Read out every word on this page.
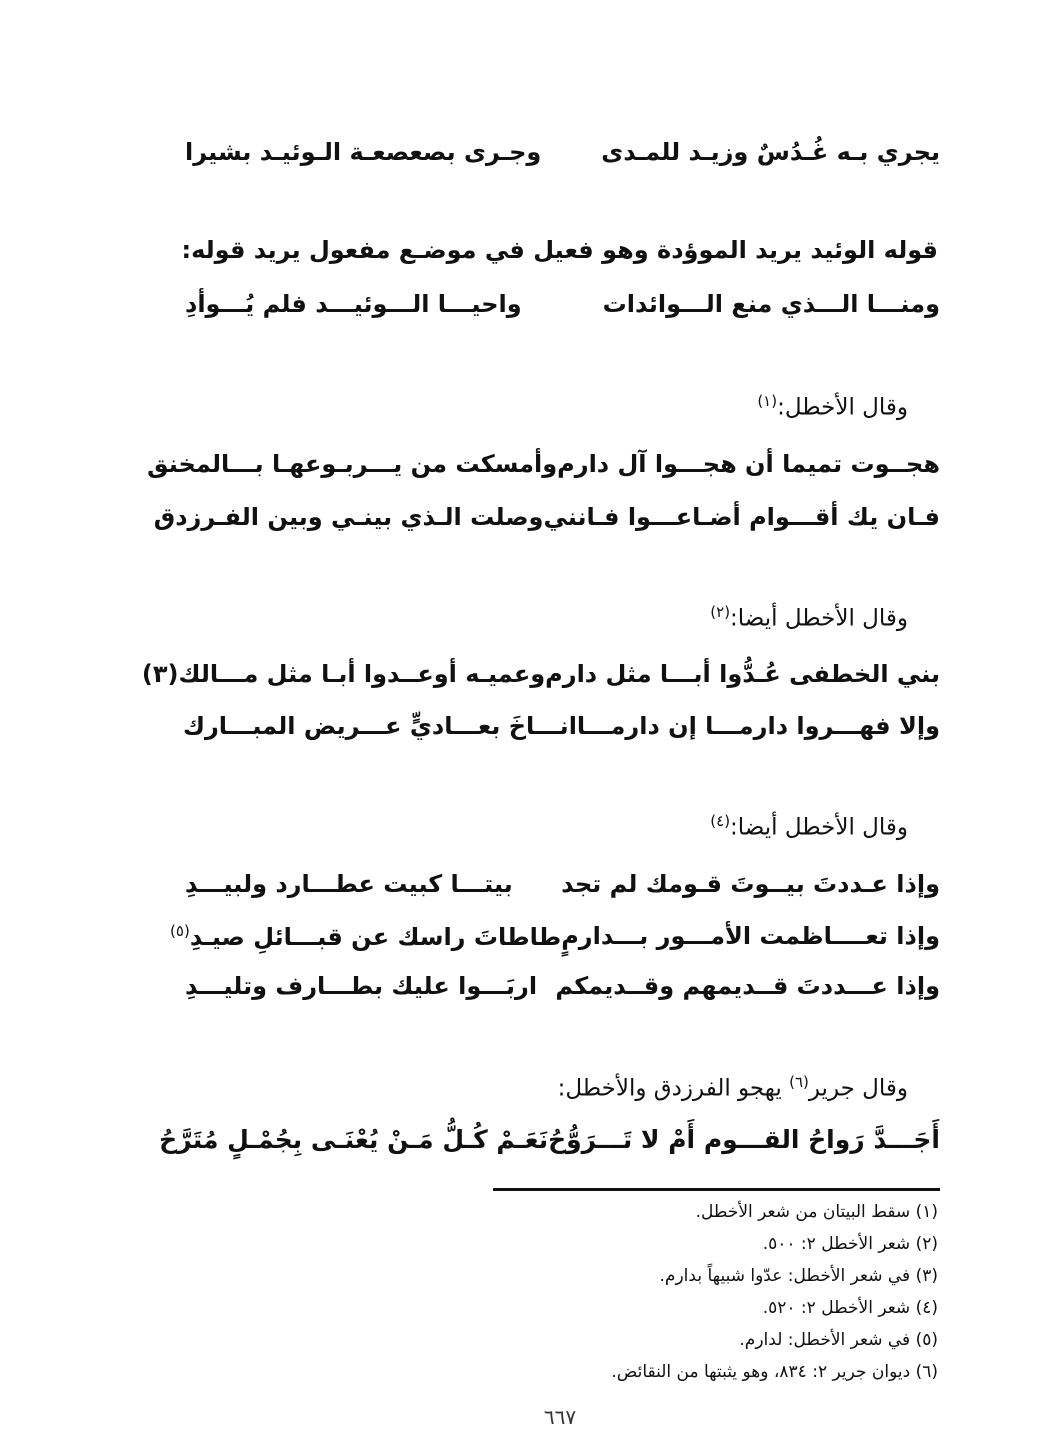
يجري بـه غُـدُسٌ وزيـد للمـدى
وجـرى بصعصعـة الـوئيـد بشيرا
قوله الوئيد يريد الموؤدة وهو فعيل في موضـع مفعول يريد قوله:
ومنـــا الـــذي منع الـــوائدات
واحيـــا الـــوئيـــد فلم يُـــوأدِ
وقال الأخطل:$^{(١)}$
هجــوت تميما أن هجـــوا آل دارم
وأمسكت من يـــربـوعهـا بـــالمخنق
فـان يك أقـــوام أضـاعـــوا فـانني
وصلت الـذي بينـي وبين الفـرزدق
وقال الأخطل أيضا:$^{(٢)}$
بني الخطفى عُـدُّوا أبـــا مثل دارم
وعميـه أوعــدوا أبـا مثل مـــالك(٣)
وإلا فهـــروا دارمـــا إن دارمـــا
انـــاخَ بعـــاديٍّ عـــريض المبـــارك
وقال الأخطل أيضا:$^{(٤)}$
وإذا عـددتَ بيــوتَ قـومك لم تجد
بيتـــا كبيت عطـــارد ولبيـــدِ
وإذا تعــــاظمت الأمـــور بـــدارمٍ
طاطاتَ راسك عن قبـــائلِ صيـدِ$^{(٥)}$
وإذا عـــددتَ قــديمهم وقــديمكم
اربَـــوا عليك بطـــارف وتليـــدِ
وقال جرير$^{(٦)}$ يهجو الفرزدق والأخطل:
أَجَـــدَّ رَواحُ القـــوم أَمْ لا تَـــرَوُّحُ
نَعَـمْ كُـلُّ مَـنْ يُعْنَـى بِجُمْـلٍ مُتَرَّحُ
(١) سقط البيتان من شعر الأخطل.
(٢) شعر الأخطل ٢: ٥٠٠.
(٣) في شعر الأخطل: عدّوا شبيهاً بدارم.
(٤) شعر الأخطل ٢: ٥٢٠.
(٥) في شعر الأخطل: لدارم.
(٦) ديوان جرير ٢: ٨٣٤، وهو يثبتها من النقائض.
٦٦٧
